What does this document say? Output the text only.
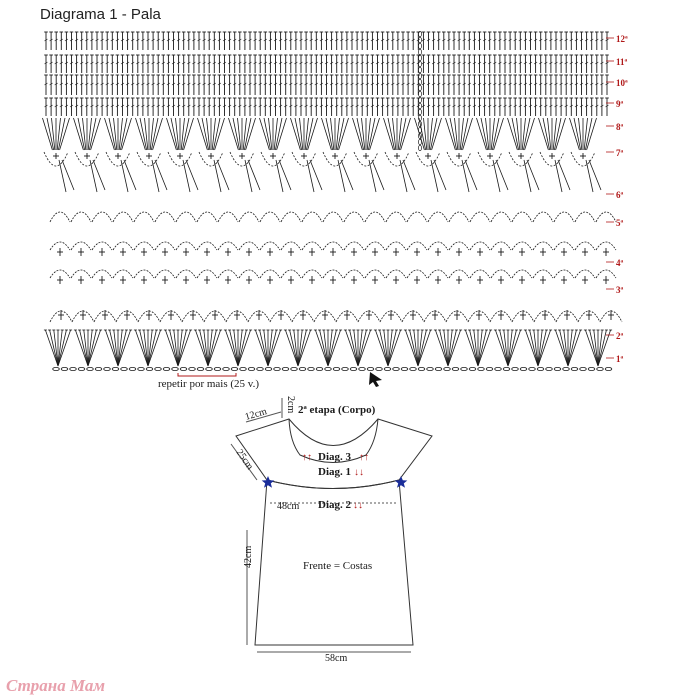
Diagrama 1 - Pala
12ª
11ª
10ª
9ª
8ª
7ª
6ª
5ª
4ª
3ª
2ª
1ª
repetir por mais (25 v.)
2ª etapa (Corpo)
12cm
2cm
25cm
48cm
42cm
58cm
Diag. 3
↑↑	↑↑
Diag. 1 ↓↓
Diag. 2 ↓↓
Frente = Costas
Страна Мам
